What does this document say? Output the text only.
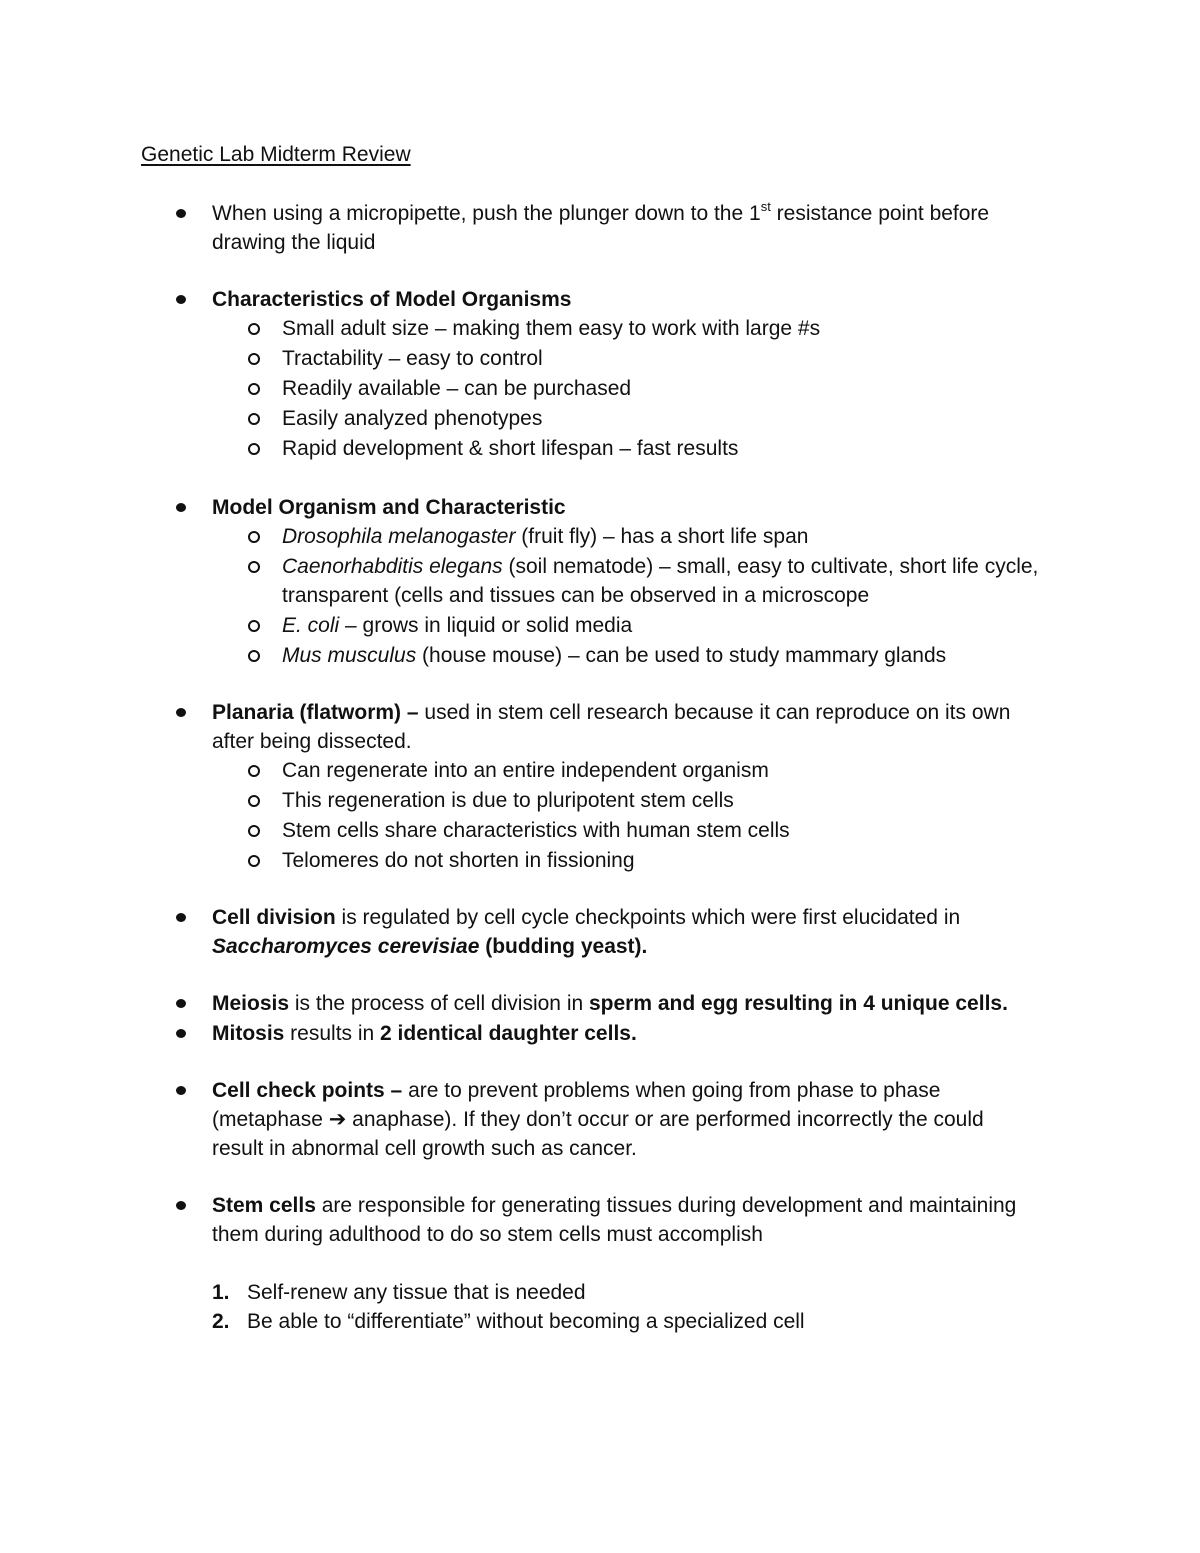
Genetic Lab Midterm Review
When using a micropipette, push the plunger down to the 1st resistance point before
drawing the liquid
Characteristics of Model Organisms
Small adult size – making them easy to work with large #s
Tractability – easy to control
Readily available – can be purchased
Easily analyzed phenotypes
Rapid development & short lifespan – fast results
Model Organism and Characteristic
Drosophila melanogaster (fruit fly) – has a short life span
Caenorhabditis elegans (soil nematode) – small, easy to cultivate, short life cycle,
transparent (cells and tissues can be observed in a microscope
E. coli – grows in liquid or solid media
Mus musculus (house mouse) – can be used to study mammary glands
Planaria (flatworm) – used in stem cell research because it can reproduce on its own
after being dissected.
Can regenerate into an entire independent organism
This regeneration is due to pluripotent stem cells
Stem cells share characteristics with human stem cells
Telomeres do not shorten in fissioning
Cell division is regulated by cell cycle checkpoints which were first elucidated in
Saccharomyces cerevisiae (budding yeast).
Meiosis is the process of cell division in sperm and egg resulting in 4 unique cells.
Mitosis results in 2 identical daughter cells.
Cell check points – are to prevent problems when going from phase to phase
(metaphase ➔ anaphase). If they don’t occur or are performed incorrectly the could
result in abnormal cell growth such as cancer.
Stem cells are responsible for generating tissues during development and maintaining
them during adulthood to do so stem cells must accomplish
1. Self-renew any tissue that is needed
2. Be able to “differentiate” without becoming a specialized cell
